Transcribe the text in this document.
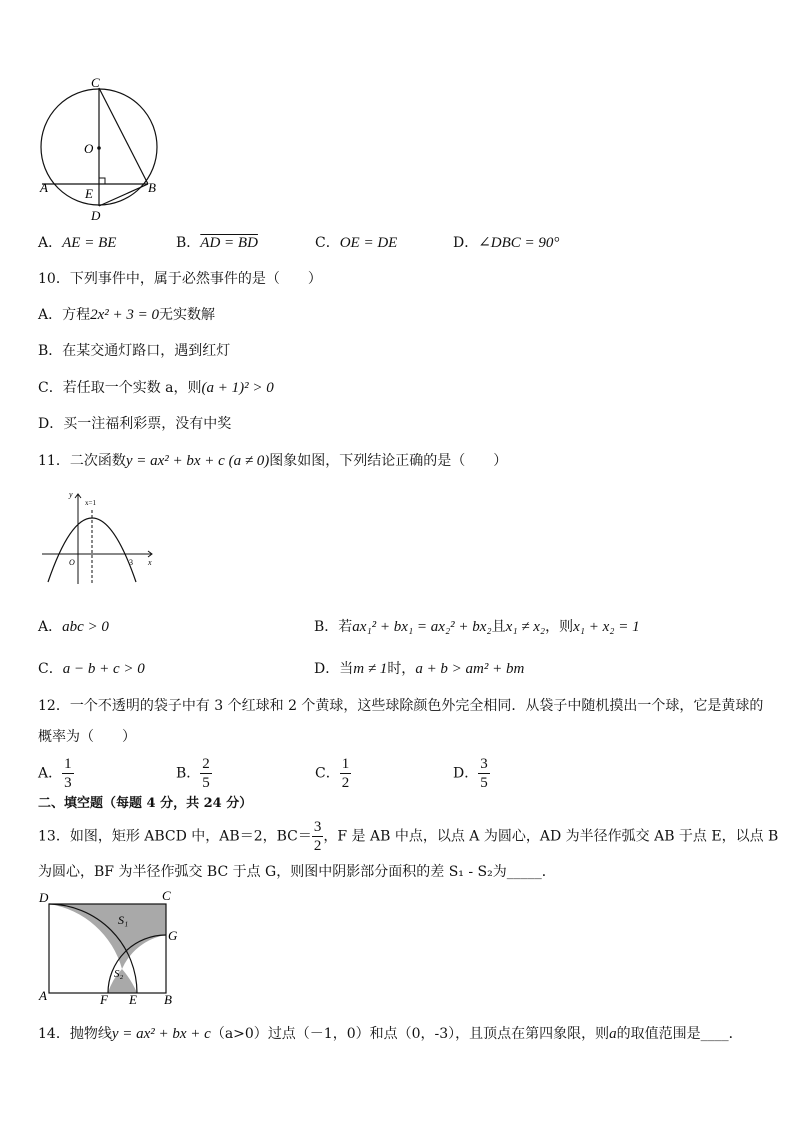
C
O
A	E	B
D
A．AE = BE	B．AD = BD	C．OE = DE	D．∠DBC = 90°
10．下列事件中，属于必然事件的是（　　）
A．方程2x² + 3 = 0无实数解
B．在某交通灯路口，遇到红灯
C．若任取一个实数 a，则(a + 1)² > 0
D．买一注福利彩票，没有中奖
11．二次函数y = ax² + bx + c (a ≠ 0)图象如图，下列结论正确的是（　　）
y
x=1
O	3 x
A．abc > 0	B．若ax₁² + bx₁ = ax₂² + bx₂且x₁ ≠ x₂，则x₁ + x₂ = 1
C．a − b + c > 0	D．当m ≠ 1时，a + b > am² + bm
12．一个不透明的袋子中有 3 个红球和 2 个黄球，这些球除颜色外完全相同．从袋子中随机摸出一个球，它是黄球的
概率为（　　）
A． $\frac{1}{3}$	B． $\frac{2}{5}$	C． $\frac{1}{2}$	D． $\frac{3}{5}$
二、填空题（每题 4 分，共 24 分）
13．如图，矩形 ABCD 中，AB＝2，$BC= \frac{3}{2}$ ，F 是 AB 中点，以点 A 为圆心，AD 为半径作弧交 AB 于点 E，以点 B
为圆心，BF 为半径作弧交 BC 于点 G，则图中阴影部分面积的差 S₁ - S₂为_____．
D	C
G
S₁
S₂
A	F E B
14．抛物线y = ax² + bx + c（a>0）过点（－1，0）和点（0，-3），且顶点在第四象限，则a的取值范围是____．
